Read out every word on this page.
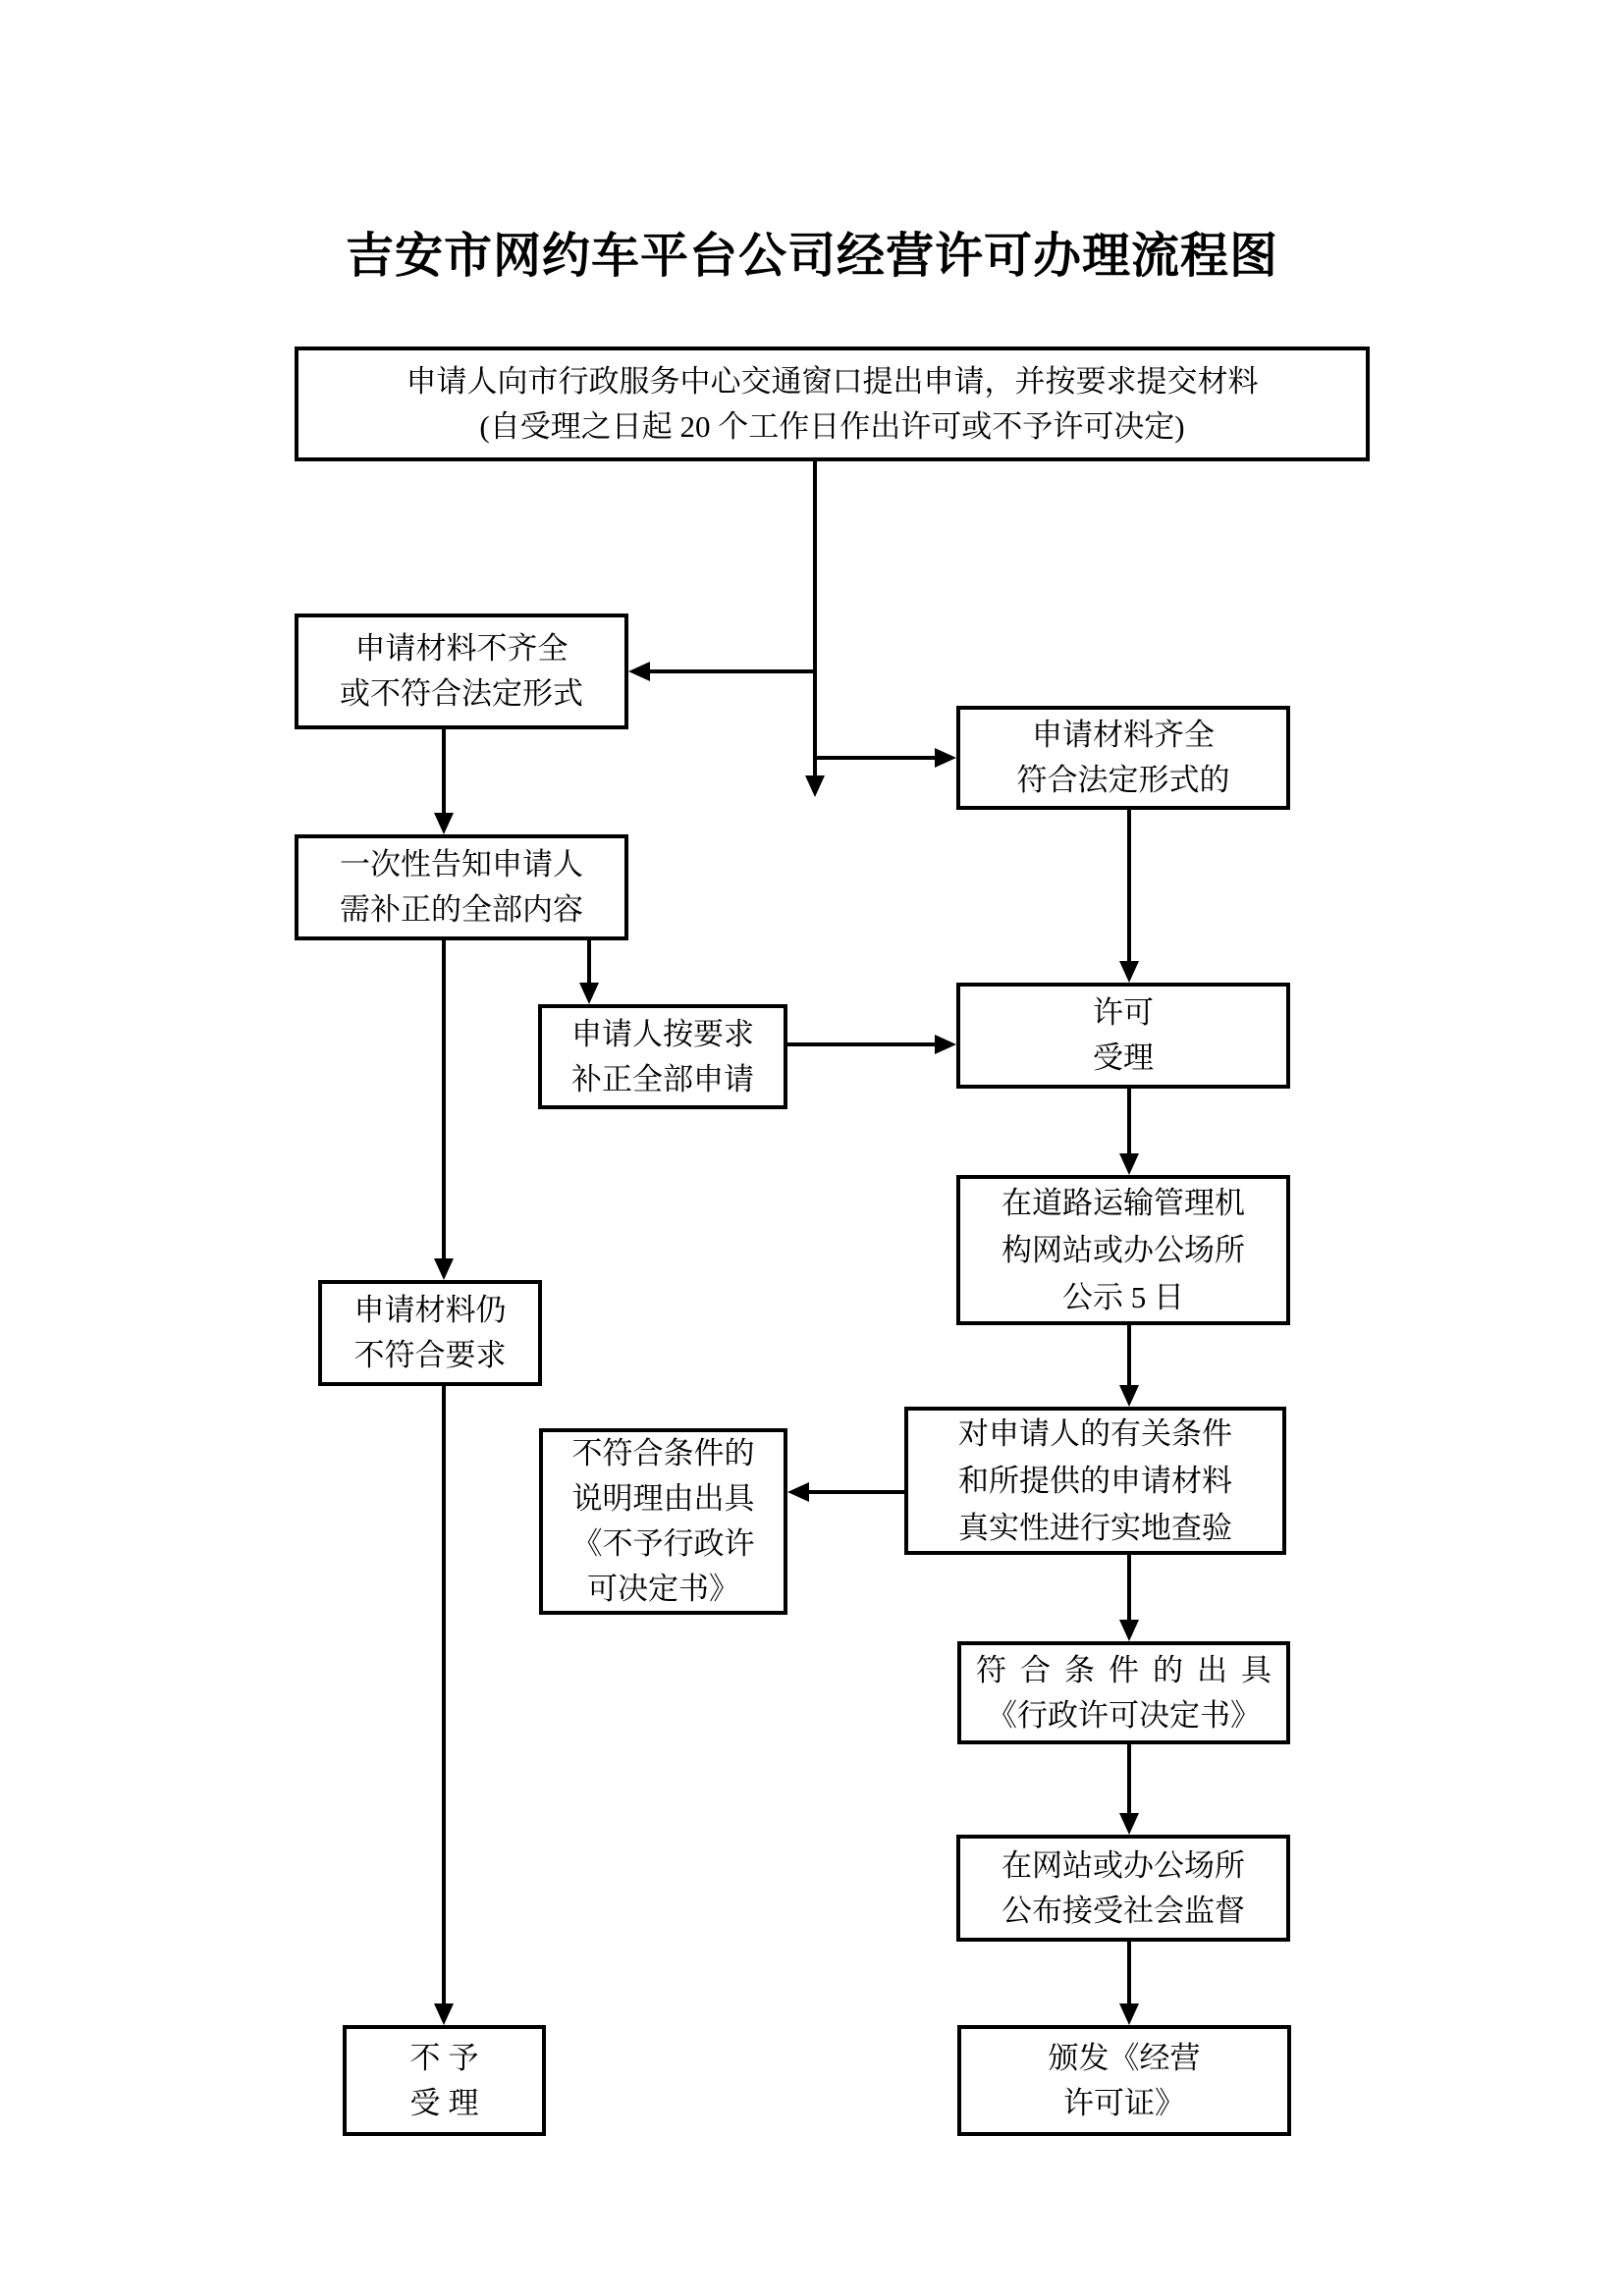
吉安市网约车平台公司经营许可办理流程图
申请人向市行政服务中心交通窗口提出申请，并按要求提交材料
(自受理之日起 20 个工作日作出许可或不予许可决定)
申请材料不齐全
或不符合法定形式
申请材料齐全
符合法定形式的
一次性告知申请人
需补正的全部内容
申请人按要求
补正全部申请
许可
受理
在道路运输管理机
构网站或办公场所
公示 5 日
申请材料仍
不符合要求
对申请人的有关条件
和所提供的申请材料
真实性进行实地查验
不符合条件的
说明理由出具
《不予行政许
可决定书》
符合条件的出具
《行政许可决定书》
在网站或办公场所
公布接受社会监督
不予
受理
颁发《经营
许可证》
